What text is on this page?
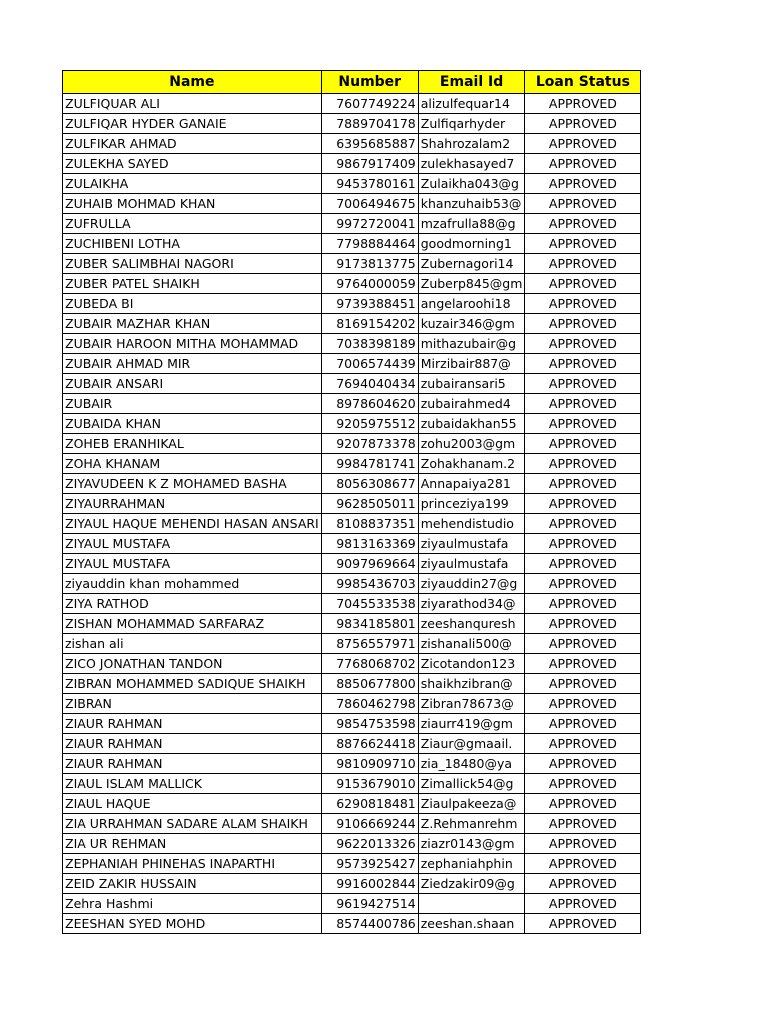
Name	Number	Email Id	Loan Status
ZULFIQUAR ALI	7607749224	alizulfequar14	APPROVED
ZULFIQAR HYDER GANAIE	7889704178	Zulfiqarhyder	APPROVED
ZULFIKAR AHMAD	6395685887	Shahrozalam2	APPROVED
ZULEKHA SAYED	9867917409	zulekhasayed7	APPROVED
ZULAIKHA	9453780161	Zulaikha043@g	APPROVED
ZUHAIB MOHMAD KHAN	7006494675	khanzuhaib53@	APPROVED
ZUFRULLA	9972720041	mzafrulla88@g	APPROVED
ZUCHIBENI LOTHA	7798884464	goodmorning1	APPROVED
ZUBER SALIMBHAI NAGORI	9173813775	Zubernagori14	APPROVED
ZUBER PATEL SHAIKH	9764000059	Zuberp845@gm	APPROVED
ZUBEDA BI	9739388451	angelaroohi18	APPROVED
ZUBAIR MAZHAR KHAN	8169154202	kuzair346@gm	APPROVED
ZUBAIR HAROON MITHA MOHAMMAD	7038398189	mithazubair@g	APPROVED
ZUBAIR AHMAD MIR	7006574439	Mirzibair887@	APPROVED
ZUBAIR ANSARI	7694040434	zubairansari5	APPROVED
ZUBAIR	8978604620	zubairahmed4	APPROVED
ZUBAIDA KHAN	9205975512	zubaidakhan55	APPROVED
ZOHEB ERANHIKAL	9207873378	zohu2003@gm	APPROVED
ZOHA KHANAM	9984781741	Zohakhanam.2	APPROVED
ZIYAVUDEEN K Z MOHAMED BASHA	8056308677	Annapaiya281	APPROVED
ZIYAURRAHMAN	9628505011	princeziya199	APPROVED
ZIYAUL HAQUE MEHENDI HASAN ANSARI	8108837351	mehendistudio	APPROVED
ZIYAUL MUSTAFA	9813163369	ziyaulmustafa	APPROVED
ZIYAUL MUSTAFA	9097969664	ziyaulmustafa	APPROVED
ziyauddin khan mohammed	9985436703	ziyauddin27@g	APPROVED
ZIYA RATHOD	7045533538	ziyarathod34@	APPROVED
ZISHAN MOHAMMAD SARFARAZ	9834185801	zeeshanquresh	APPROVED
zishan ali	8756557971	zishanali500@	APPROVED
ZICO JONATHAN TANDON	7768068702	Zicotandon123	APPROVED
ZIBRAN MOHAMMED SADIQUE SHAIKH	8850677800	shaikhzibran@	APPROVED
ZIBRAN	7860462798	Zibran78673@	APPROVED
ZIAUR RAHMAN	9854753598	ziaurr419@gm	APPROVED
ZIAUR RAHMAN	8876624418	Ziaur@gmaail.	APPROVED
ZIAUR RAHMAN	9810909710	zia_18480@ya	APPROVED
ZIAUL ISLAM MALLICK	9153679010	Zimallick54@g	APPROVED
ZIAUL HAQUE	6290818481	Ziaulpakeeza@	APPROVED
ZIA URRAHMAN SADARE ALAM SHAIKH	9106669244	Z.Rehmanrehm	APPROVED
ZIA UR REHMAN	9622013326	ziazr0143@gm	APPROVED
ZEPHANIAH PHINEHAS INAPARTHI	9573925427	zephaniahphin	APPROVED
ZEID ZAKIR HUSSAIN	9916002844	Ziedzakir09@g	APPROVED
Zehra Hashmi	9619427514		APPROVED
ZEESHAN SYED MOHD	8574400786	zeeshan.shaan	APPROVED
